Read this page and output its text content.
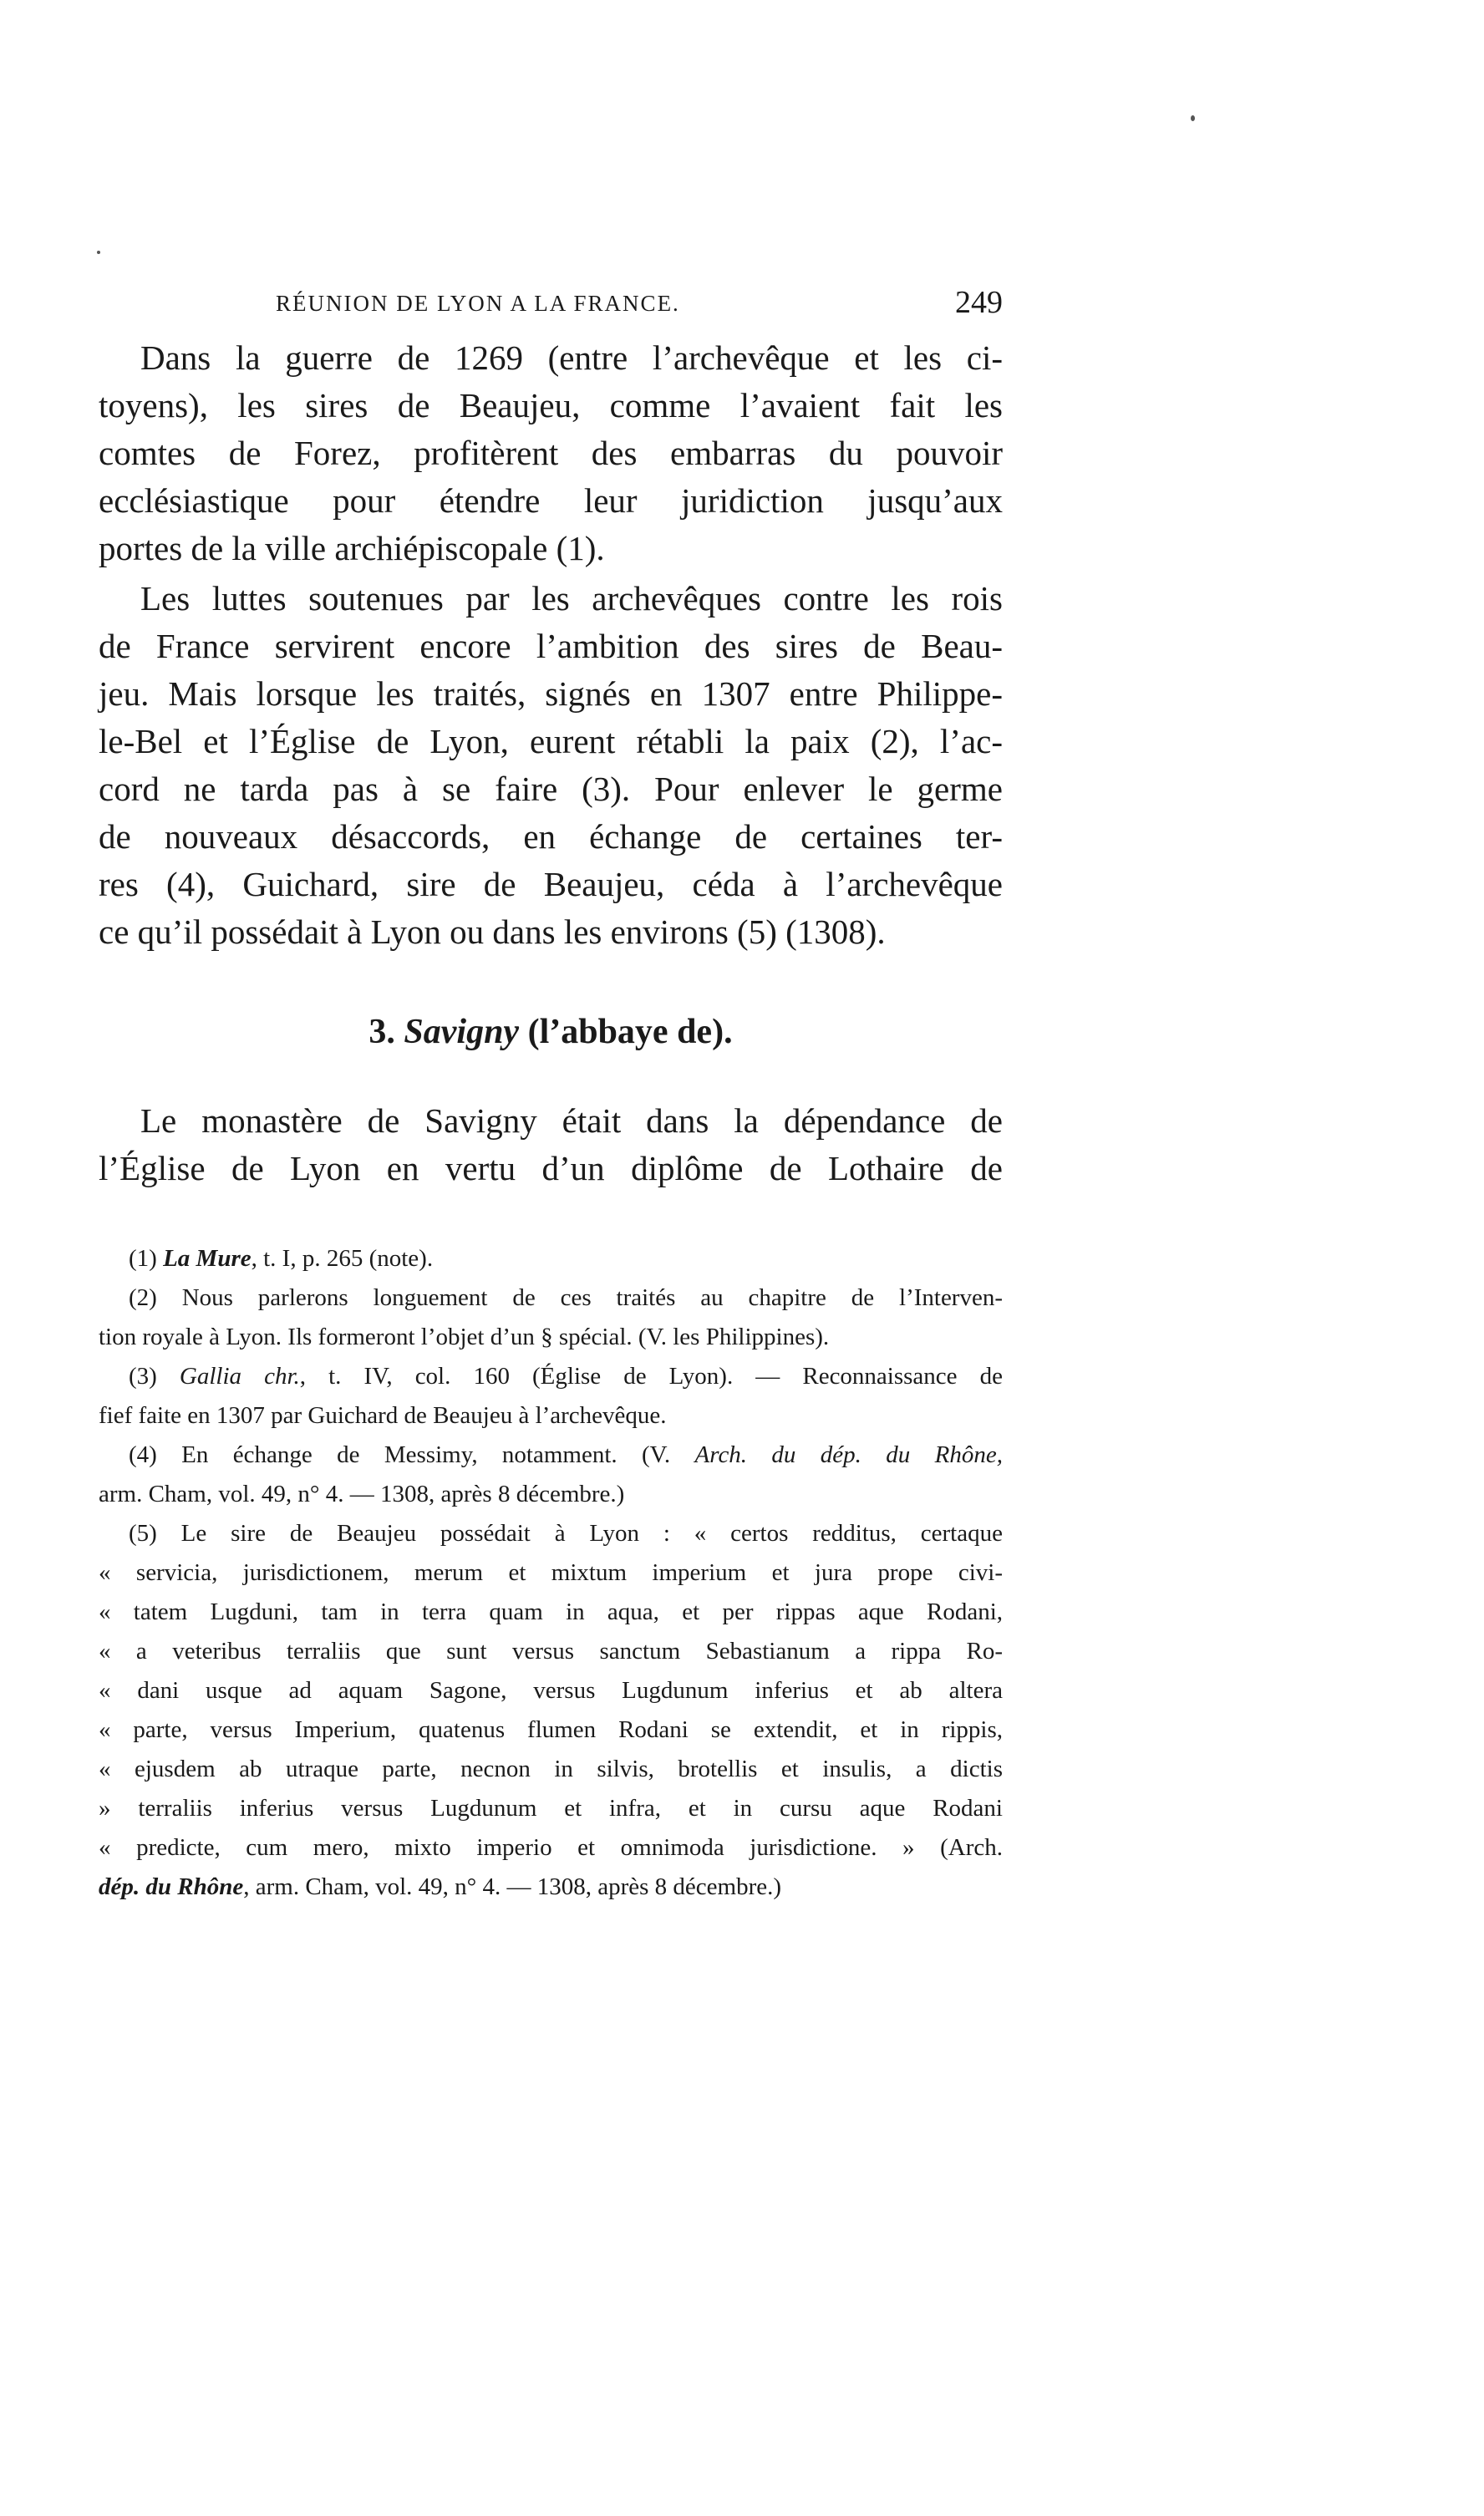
RÉUNION DE LYON A LA FRANCE.	249
Dans la guerre de 1269 (entre l’archevêque et les ci-
toyens), les sires de Beaujeu, comme l’avaient fait les
comtes de Forez, profitèrent des embarras du pouvoir
ecclésiastique pour étendre leur juridiction jusqu’aux
portes de la ville archiépiscopale (1).
Les luttes soutenues par les archevêques contre les rois
de France servirent encore l’ambition des sires de Beau-
jeu. Mais lorsque les traités, signés en 1307 entre Philippe-
le-Bel et l’Église de Lyon, eurent rétabli la paix (2), l’ac-
cord ne tarda pas à se faire (3). Pour enlever le germe
de nouveaux désaccords, en échange de certaines ter-
res (4), Guichard, sire de Beaujeu, céda à l’archevêque
ce qu’il possédait à Lyon ou dans les environs (5) (1308).
3. Savigny (l’abbaye de).
Le monastère de Savigny était dans la dépendance de
l’Église de Lyon en vertu d’un diplôme de Lothaire de
(1) La Mure, t. I, p. 265 (note).
(2) Nous parlerons longuement de ces traités au chapitre de l’Interven-
tion royale à Lyon. Ils formeront l’objet d’un § spécial. (V. les Philippines).
(3) Gallia chr., t. IV, col. 160 (Église de Lyon). — Reconnaissance de
fief faite en 1307 par Guichard de Beaujeu à l’archevêque.
(4) En échange de Messimy, notamment. (V. Arch. du dép. du Rhône,
arm. Cham, vol. 49, n° 4. — 1308, après 8 décembre.)
(5) Le sire de Beaujeu possédait à Lyon : « certos redditus, certaque
« servicia, jurisdictionem, merum et mixtum imperium et jura prope civi-
« tatem Lugduni, tam in terra quam in aqua, et per rippas aque Rodani,
« a veteribus terraliis que sunt versus sanctum Sebastianum a rippa Ro-
« dani usque ad aquam Sagone, versus Lugdunum inferius et ab altera
« parte, versus Imperium, quatenus flumen Rodani se extendit, et in rippis,
« ejusdem ab utraque parte, necnon in silvis, brotellis et insulis, a dictis
» terraliis inferius versus Lugdunum et infra, et in cursu aque Rodani
« predicte, cum mero, mixto imperio et omnimoda jurisdictione. » (Arch.
dép. du Rhône, arm. Cham, vol. 49, n° 4. — 1308, après 8 décembre.)
